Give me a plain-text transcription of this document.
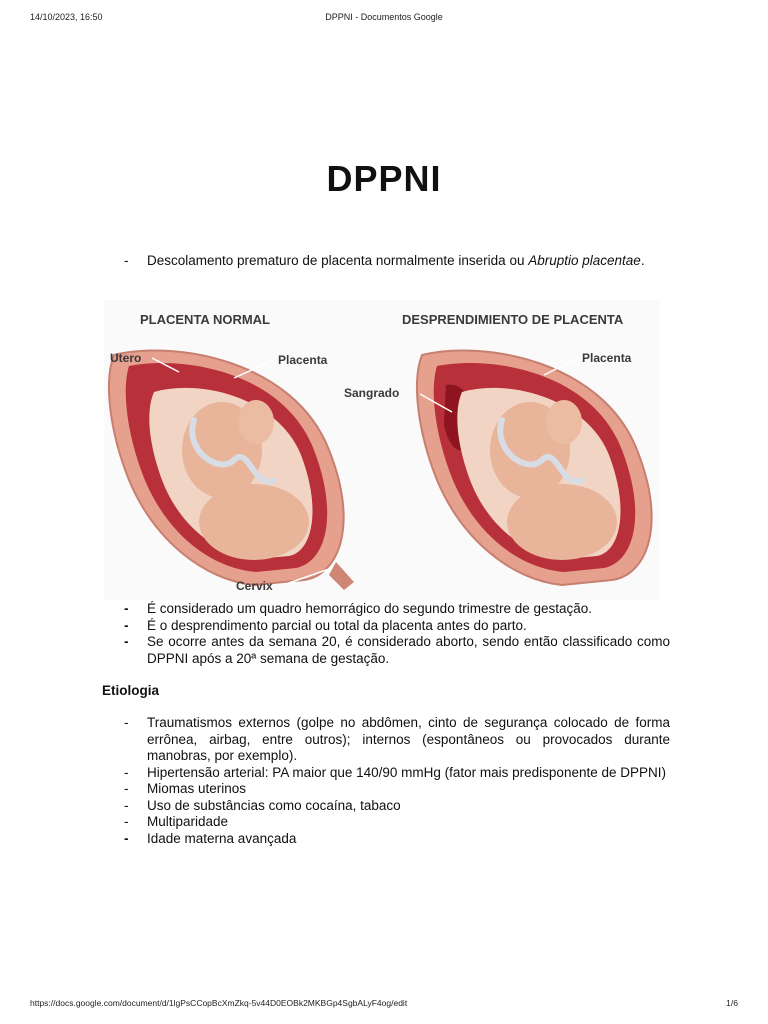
14/10/2023, 16:50	DPPNI - Documentos Google
DPPNI
- Descolamento prematuro de placenta normalmente inserida ou Abruptio placentae.
PLACENTA NORMAL	DESPRENDIMIENTO DE PLACENTA
Utero	Placenta	Placenta
Sangrado
Cervix
- É considerado um quadro hemorrágico do segundo trimestre de gestação.
- É o desprendimento parcial ou total da placenta antes do parto.
- Se ocorre antes da semana 20, é considerado aborto, sendo então classificado como DPPNI após a 20ª semana de gestação.
Etiologia
- Traumatismos externos (golpe no abdômen, cinto de segurança colocado de forma errônea, airbag, entre outros); internos (espontâneos ou provocados durante manobras, por exemplo).
- Hipertensão arterial: PA maior que 140/90 mmHg (fator mais predisponente de DPPNI)
- Miomas uterinos
- Uso de substâncias como cocaína, tabaco
- Multiparidade
- Idade materna avançada
https://docs.google.com/document/d/1lgPsCCopBcXmZkq-5v44D0EOBk2MKBGp4SgbALyF4og/edit	1/6
